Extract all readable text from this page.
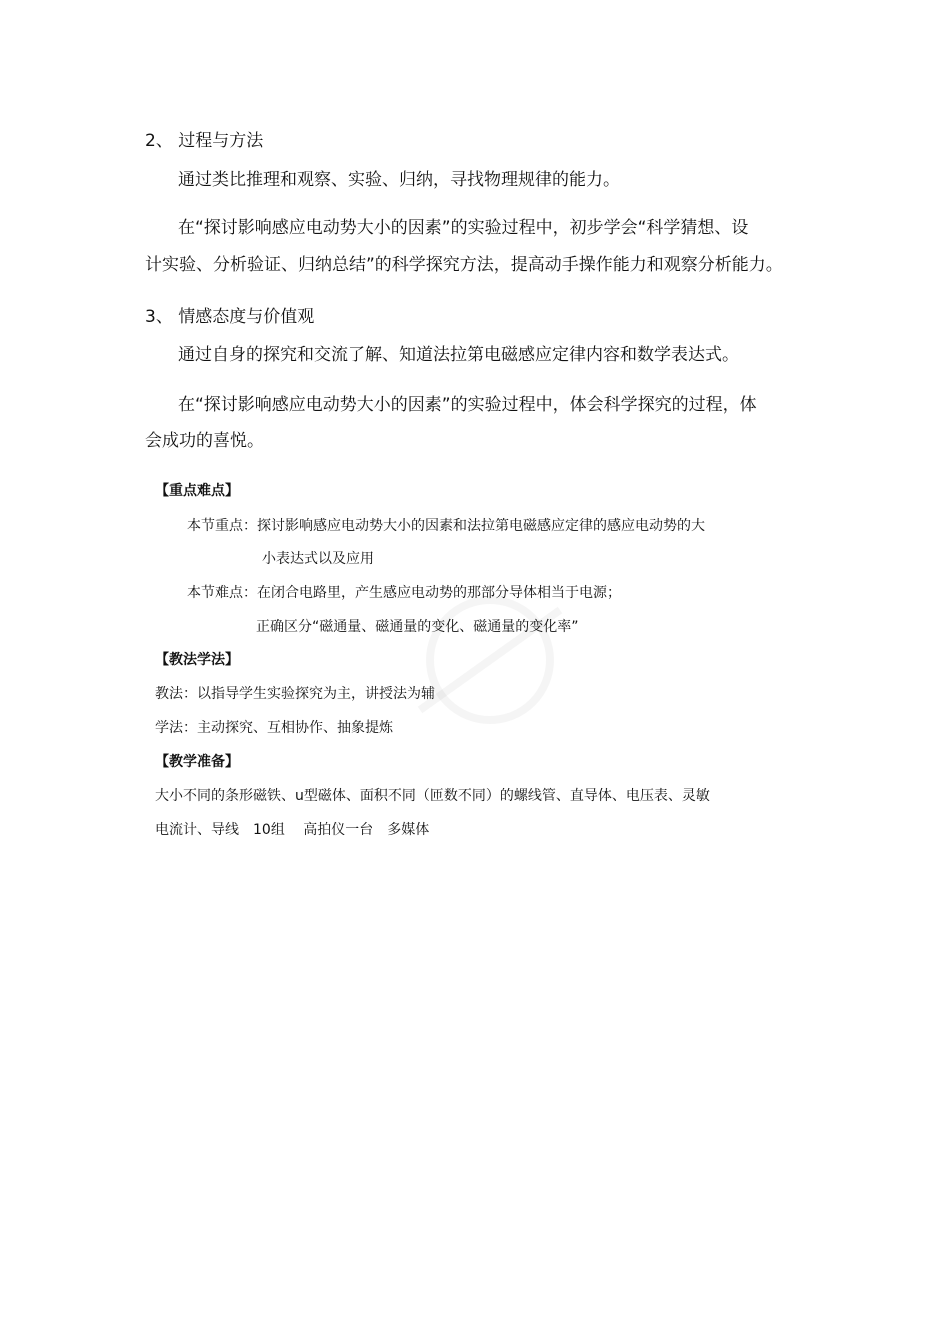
2、 过程与方法
通过类比推理和观察、实验、归纳，寻找物理规律的能力。
在“探讨影响感应电动势大小的因素”的实验过程中，初步学会“科学猜想、设
计实验、分析验证、归纳总结”的科学探究方法，提高动手操作能力和观察分析能力。
3、 情感态度与价值观
通过自身的探究和交流了解、知道法拉第电磁感应定律内容和数学表达式。
在“探讨影响感应电动势大小的因素”的实验过程中，体会科学探究的过程，体
会成功的喜悦。
【重点难点】
本节重点：探讨影响感应电动势大小的因素和法拉第电磁感应定律的感应电动势的大
小表达式以及应用
本节难点：在闭合电路里，产生感应电动势的那部分导体相当于电源；
正确区分“磁通量、磁通量的变化、磁通量的变化率”
【教法学法】
教法：以指导学生实验探究为主，讲授法为辅
学法：主动探究、互相协作、抽象提炼
【教学准备】
大小不同的条形磁铁、u型磁体、面积不同（匝数不同）的螺线管、直导体、电压表、灵敏
电流计、导线　10组　 高拍仪一台　多媒体
